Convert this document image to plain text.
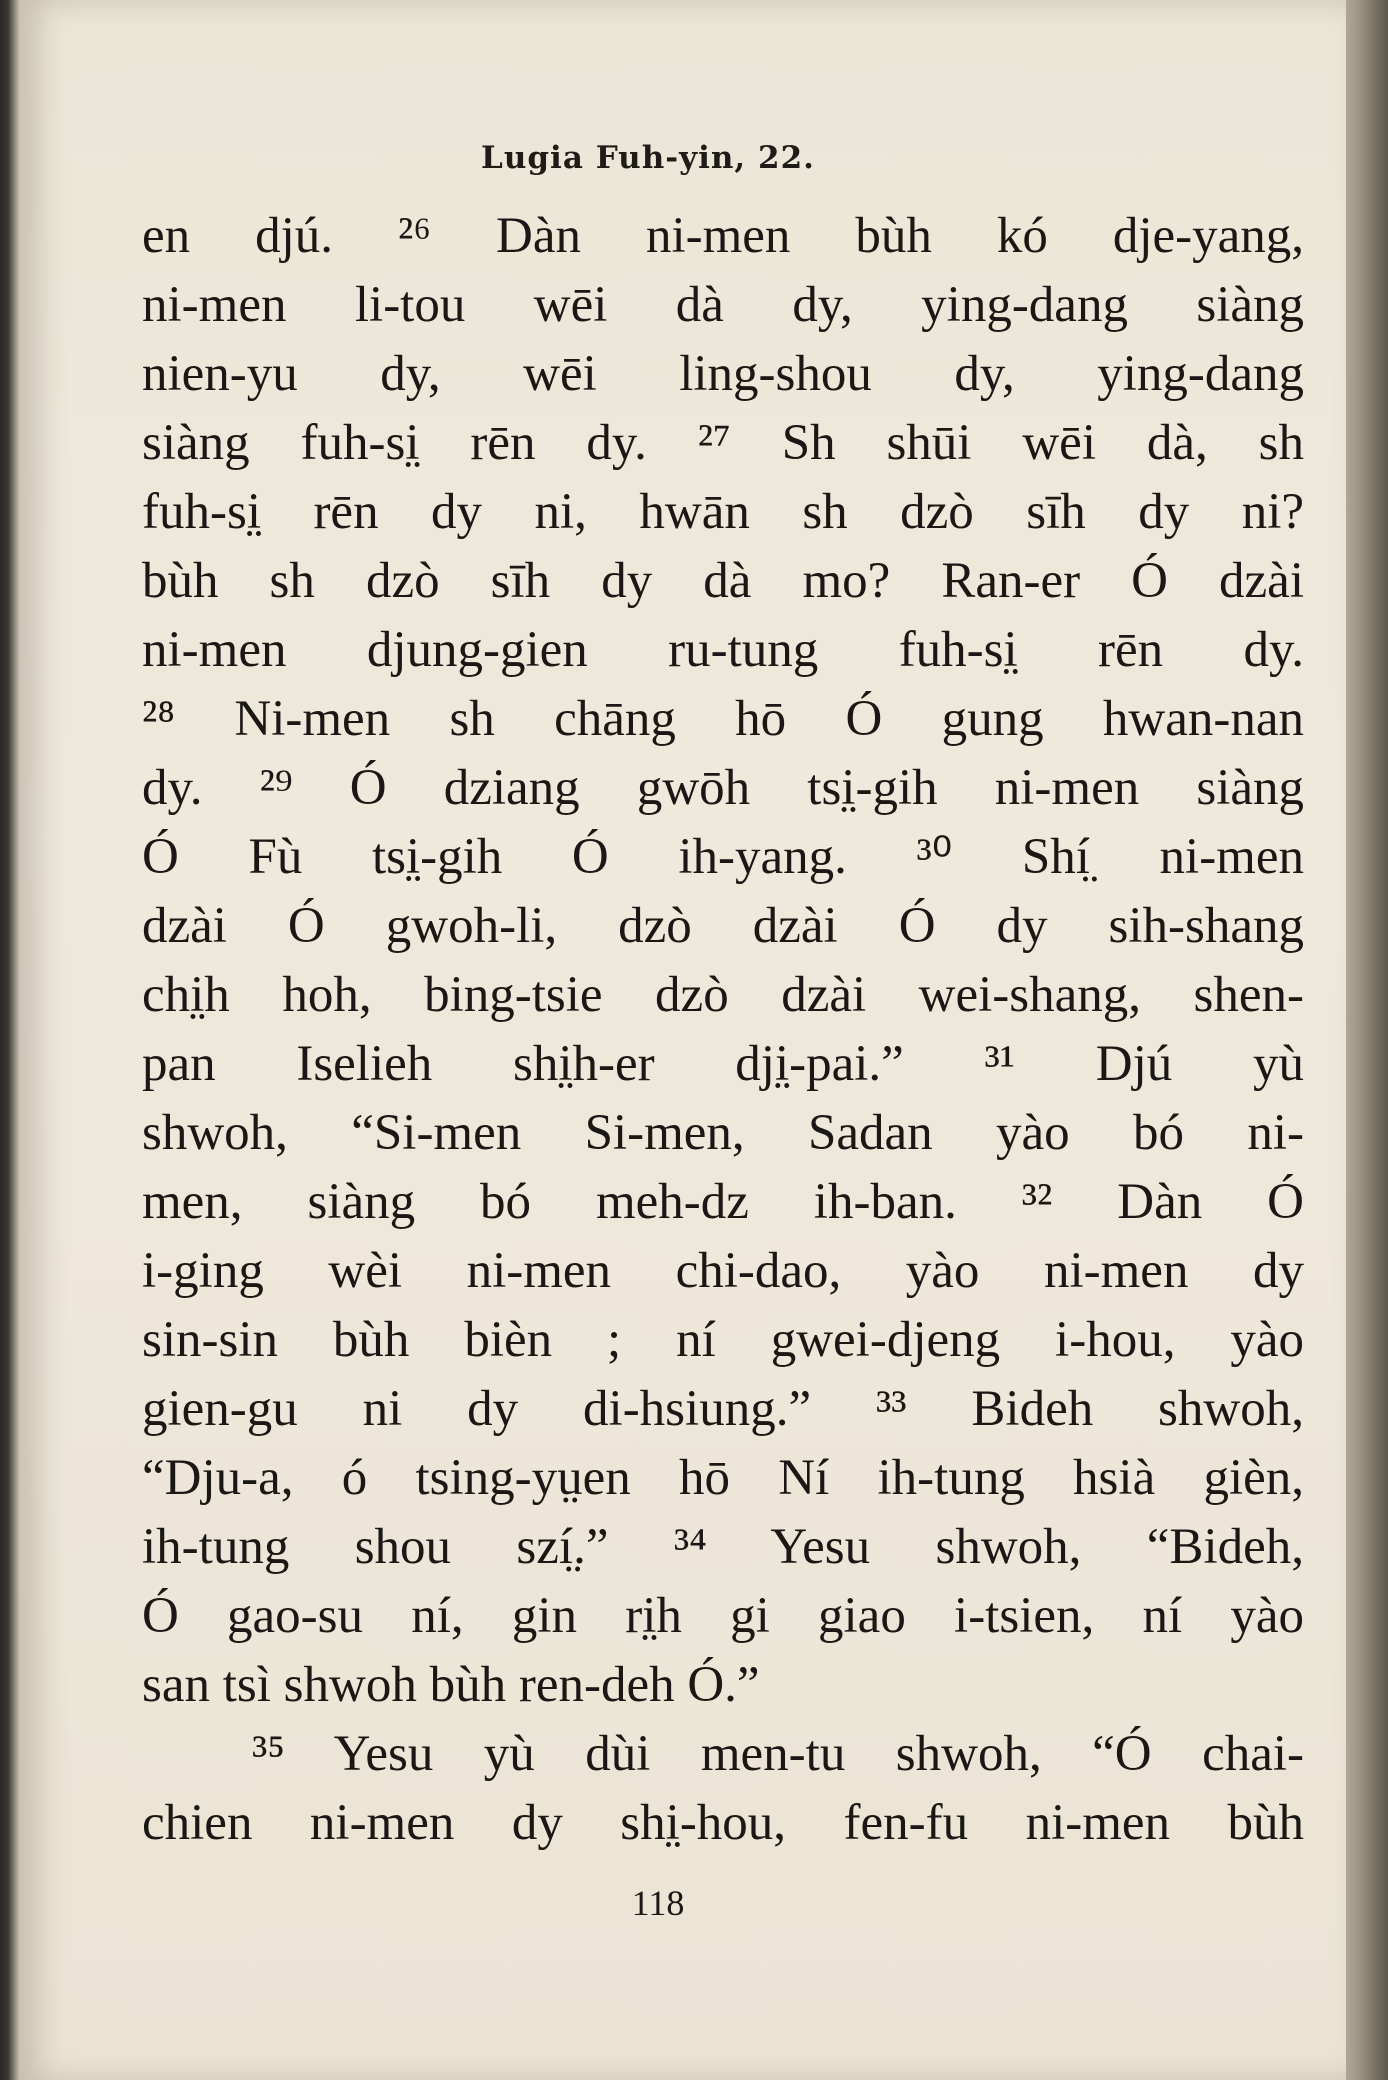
Lugia Fuh-yin, 22.
en djú. ²⁶ Dàn ni-men bùh kó dje-yang,
ni-men li-tou wēi dà dy, ying-dang siàng
nien-yu dy, wēi ling-shou dy, ying-dang
siàng fuh-si̤ rēn dy. ²⁷ Sh shūi wēi dà, sh
fuh-si̤ rēn dy ni, hwān sh dzò sīh dy ni?
bùh sh dzò sīh dy dà mo? Ran-er Ó dzài
ni-men djung-gien ru-tung fuh-si̤ rēn dy.
²⁸ Ni-men sh chāng hō Ó gung hwan-nan
dy. ²⁹ Ó dziang gwōh tsi̤-gih ni-men siàng
Ó Fù tsi̤-gih Ó ih-yang. ³⁰ Shí̤ ni-men
dzài Ó gwoh-li, dzò dzài Ó dy sih-shang
chi̤h hoh, bing-tsie dzò dzài wei-shang, shen-
pan Iselieh shi̤h-er dji̤-pai.” ³¹ Djú yù
shwoh, “Si-men Si-men, Sadan yào bó ni-
men, siàng bó meh-dz ih-ban. ³² Dàn Ó
i-ging wèi ni-men chi-dao, yào ni-men dy
sin-sin bùh bièn ; ní gwei-djeng i-hou, yào
gien-gu ni dy di-hsiung.” ³³ Bideh shwoh,
“Dju-a, ó tsing-yṳen hō Ní ih-tung hsià gièn,
ih-tung shou szí̤.” ³⁴ Yesu shwoh, “Bideh,
Ó gao-su ní, gin ri̤h gi giao i-tsien, ní yào
san tsì shwoh bùh ren-deh Ó.”
³⁵ Yesu yù dùi men-tu shwoh, “Ó chai-
chien ni-men dy shi̤-hou, fen-fu ni-men bùh
118
